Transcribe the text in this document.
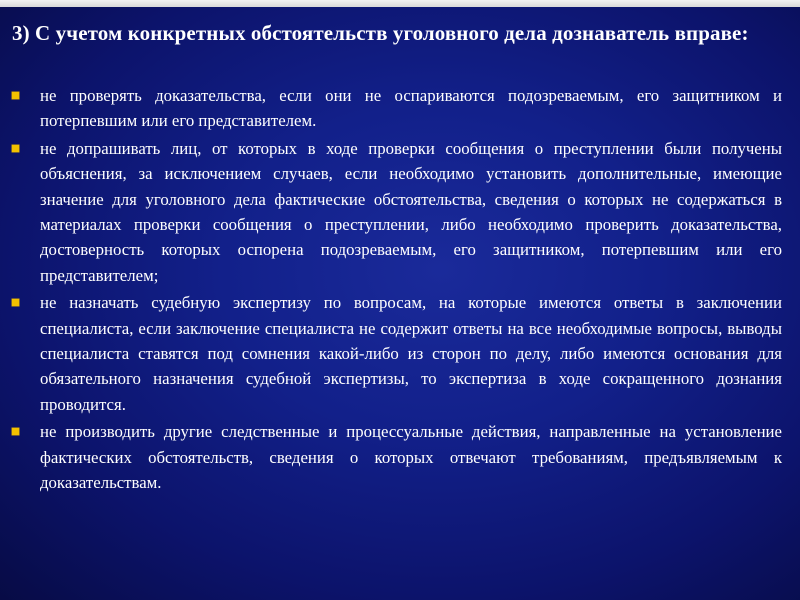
3) С учетом конкретных обстоятельств уголовного дела дознаватель вправе:
не проверять доказательства, если они не оспариваются подозреваемым, его защитником и потерпевшим или его представителем.
не допрашивать лиц, от которых в ходе проверки сообщения о преступлении были получены объяснения, за исключением случаев, если необходимо установить дополнительные, имеющие значение для уголовного дела фактические обстоятельства, сведения о которых не содержаться в материалах проверки сообщения о преступлении, либо необходимо проверить доказательства, достоверность которых оспорена подозреваемым, его защитником, потерпевшим или его представителем;
не назначать судебную экспертизу по вопросам, на которые имеются ответы в заключении специалиста, если заключение специалиста не содержит ответы на все необходимые вопросы, выводы специалиста ставятся под сомнения какой-либо из сторон по делу, либо имеются основания для обязательного назначения судебной экспертизы, то экспертиза в ходе сокращенного дознания проводится.
не производить другие следственные и процессуальные действия, направленные на установление фактических обстоятельств, сведения о которых отвечают требованиям, предъявляемым к доказательствам.
